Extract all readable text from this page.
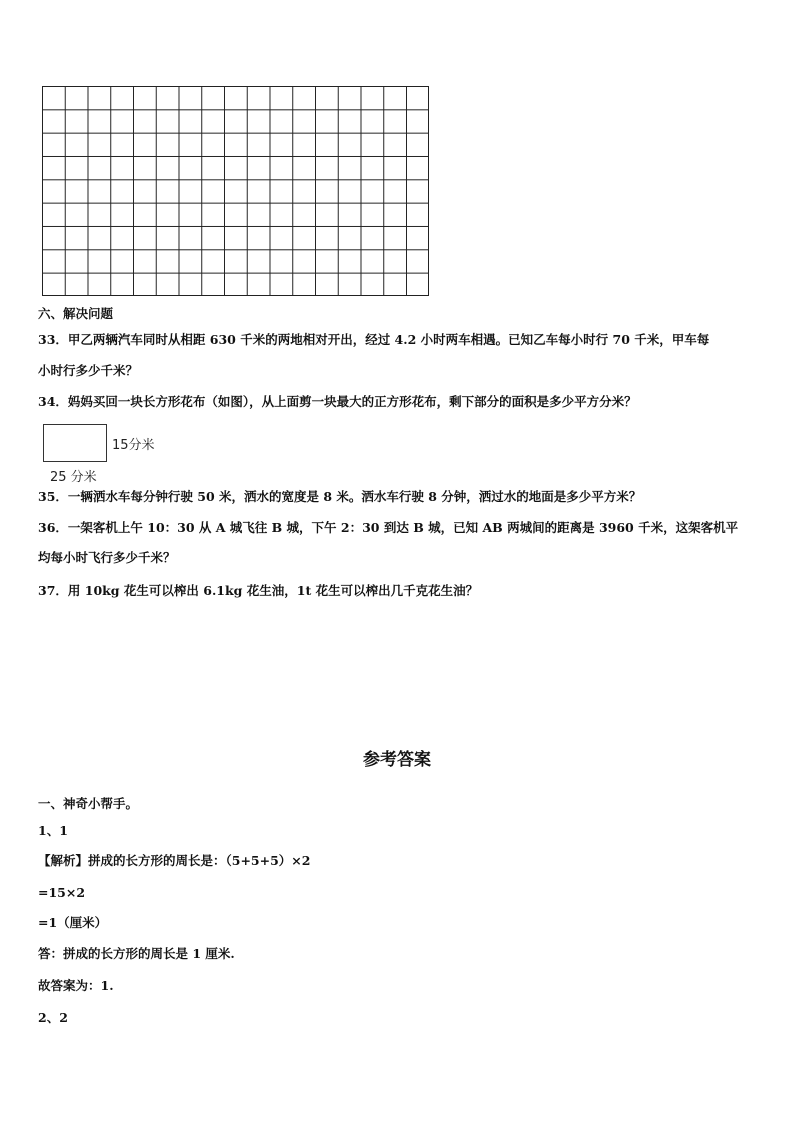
六、解决问题
33．甲乙两辆汽车同时从相距 630 千米的两地相对开出，经过 4.2 小时两车相遇。已知乙车每小时行 70 千米，甲车每
小时行多少千米？
34．妈妈买回一块长方形花布（如图），从上面剪一块最大的正方形花布，剩下部分的面积是多少平方分米？
15分米
25 分米
35．一辆洒水车每分钟行驶 50 米，洒水的宽度是 8 米。洒水车行驶 8 分钟，洒过水的地面是多少平方米？
36．一架客机上午 10：30 从 A 城飞往 B 城，下午 2：30 到达 B 城，已知 AB 两城间的距离是 3960 千米，这架客机平
均每小时飞行多少千米？
37．用 10kg 花生可以榨出 6.1kg 花生油，1t 花生可以榨出几千克花生油？
参考答案
一、神奇小帮手。
1、1
【解析】拼成的长方形的周长是：（5+5+5）×2
=15×2
=1（厘米）
答：拼成的长方形的周长是 1 厘米.
故答案为：1.
2、2
